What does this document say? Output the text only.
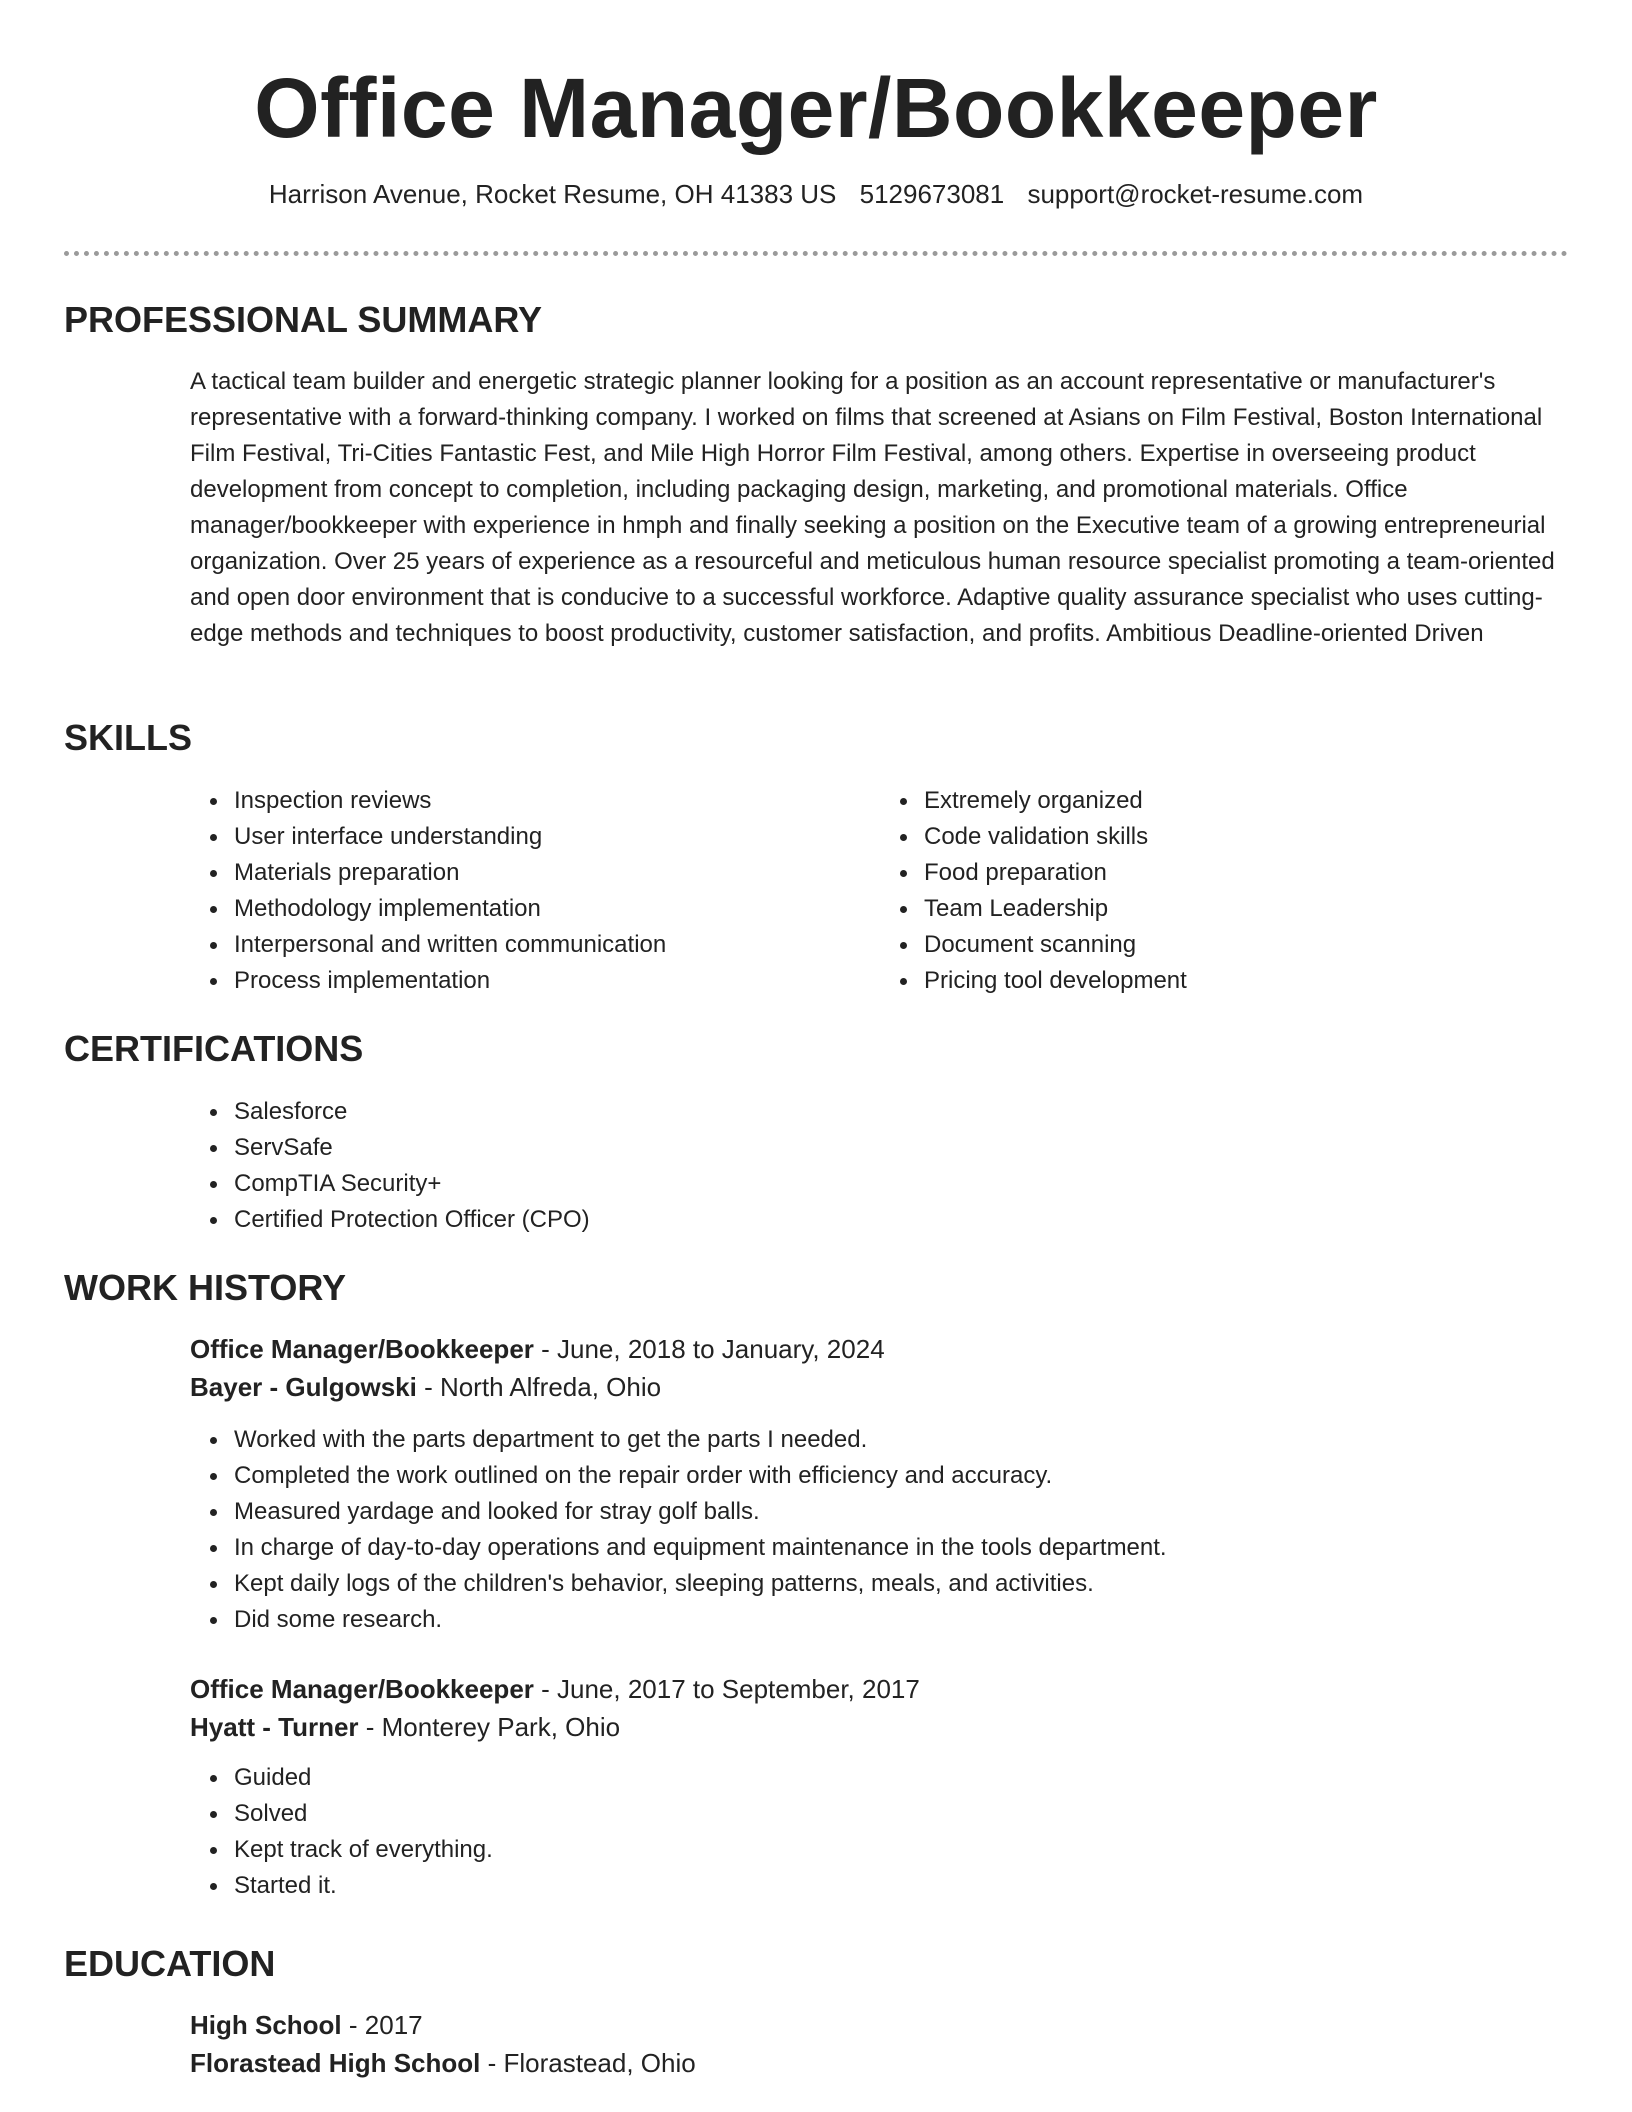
Office Manager/Bookkeeper
Harrison Avenue, Rocket Resume, OH 41383 US 5129673081 support@rocket-resume.com
PROFESSIONAL SUMMARY

A tactical team builder and energetic strategic planner looking for a position as an account representative or manufacturer's representative with a forward-thinking company. I worked on films that screened at Asians on Film Festival, Boston International Film Festival, Tri-Cities Fantastic Fest, and Mile High Horror Film Festival, among others. Expertise in overseeing product development from concept to completion, including packaging design, marketing, and promotional materials. Office manager/bookkeeper with experience in hmph and finally seeking a position on the Executive team of a growing entrepreneurial organization. Over 25 years of experience as a resourceful and meticulous human resource specialist promoting a team-oriented and open door environment that is conducive to a successful workforce. Adaptive quality assurance specialist who uses cutting-edge methods and techniques to boost productivity, customer satisfaction, and profits. Ambitious Deadline-oriented Driven

SKILLS
Inspection reviews
User interface understanding
Materials preparation
Methodology implementation
Interpersonal and written communication
Process implementation
Extremely organized
Code validation skills
Food preparation
Team Leadership
Document scanning
Pricing tool development
CERTIFICATIONS
Salesforce
ServSafe
CompTIA Security+
Certified Protection Officer (CPO)
WORK HISTORY
Office Manager/Bookkeeper - June, 2018 to January, 2024
Bayer - Gulgowski - North Alfreda, Ohio
Worked with the parts department to get the parts I needed.
Completed the work outlined on the repair order with efficiency and accuracy.
Measured yardage and looked for stray golf balls.
In charge of day-to-day operations and equipment maintenance in the tools department.
Kept daily logs of the children's behavior, sleeping patterns, meals, and activities.
Did some research.
Office Manager/Bookkeeper - June, 2017 to September, 2017
Hyatt - Turner - Monterey Park, Ohio
Guided
Solved
Kept track of everything.
Started it.
EDUCATION
High School - 2017
Florastead High School - Florastead, Ohio
